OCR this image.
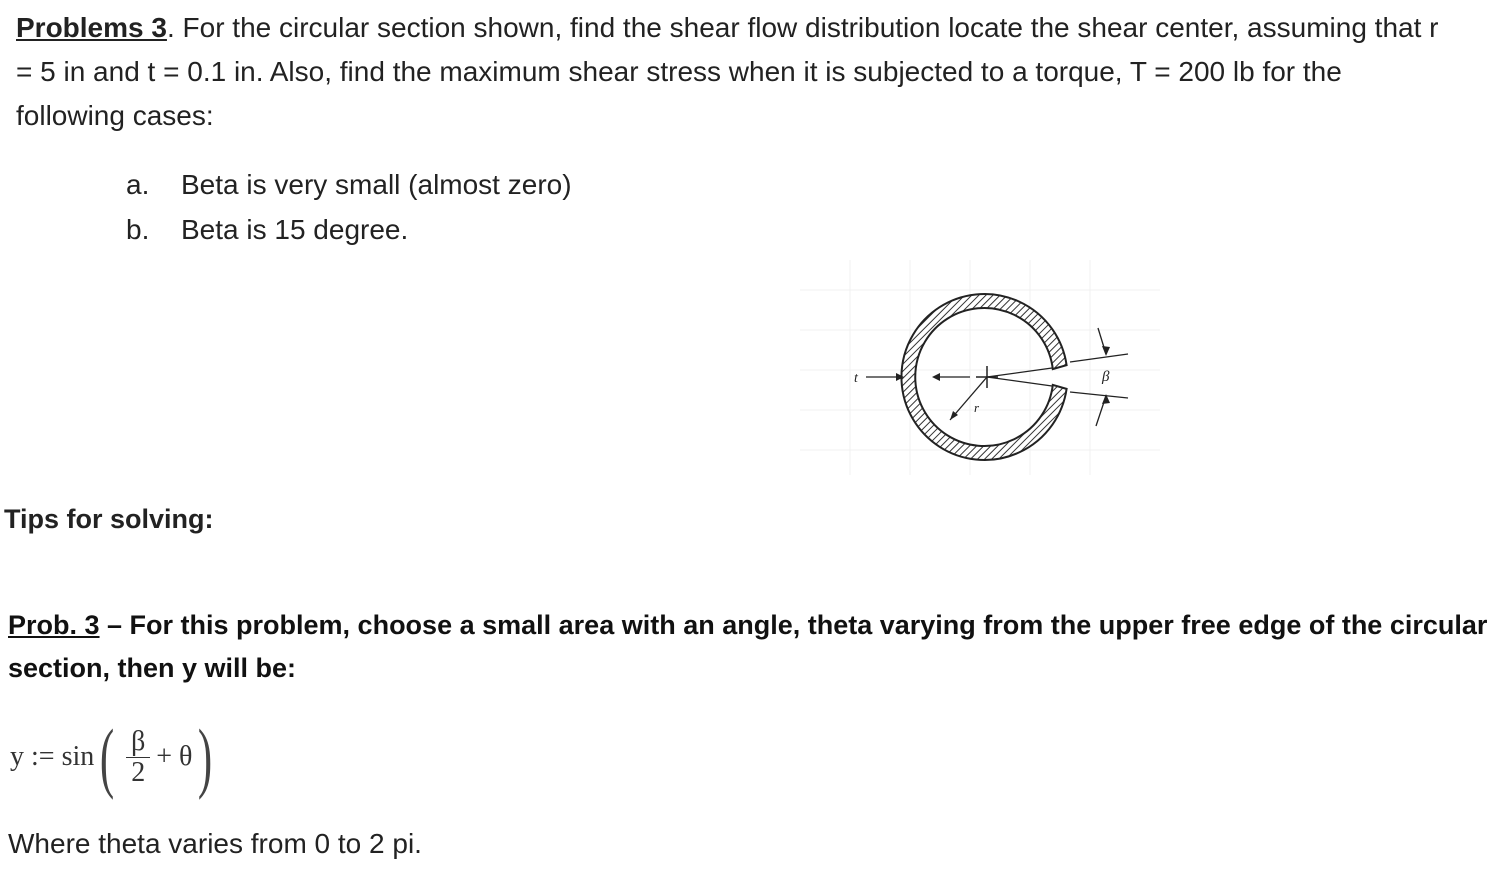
Problems 3. For the circular section shown, find the shear flow distribution locate the shear center, assuming that r = 5 in and t = 0.1 in. Also, find the maximum shear stress when it is subjected to a torque, T = 200 lb for the following cases:
a.	Beta is very small (almost zero)
b.	Beta is 15 degree.
r
t	β
Tips for solving:
Prob. 3 – For this problem, choose a small area with an angle, theta varying from the upper free edge of the circular section, then y will be:
y := sin ( $\frac{\beta}{2} + \theta$ )
Where theta varies from 0 to 2 pi.
